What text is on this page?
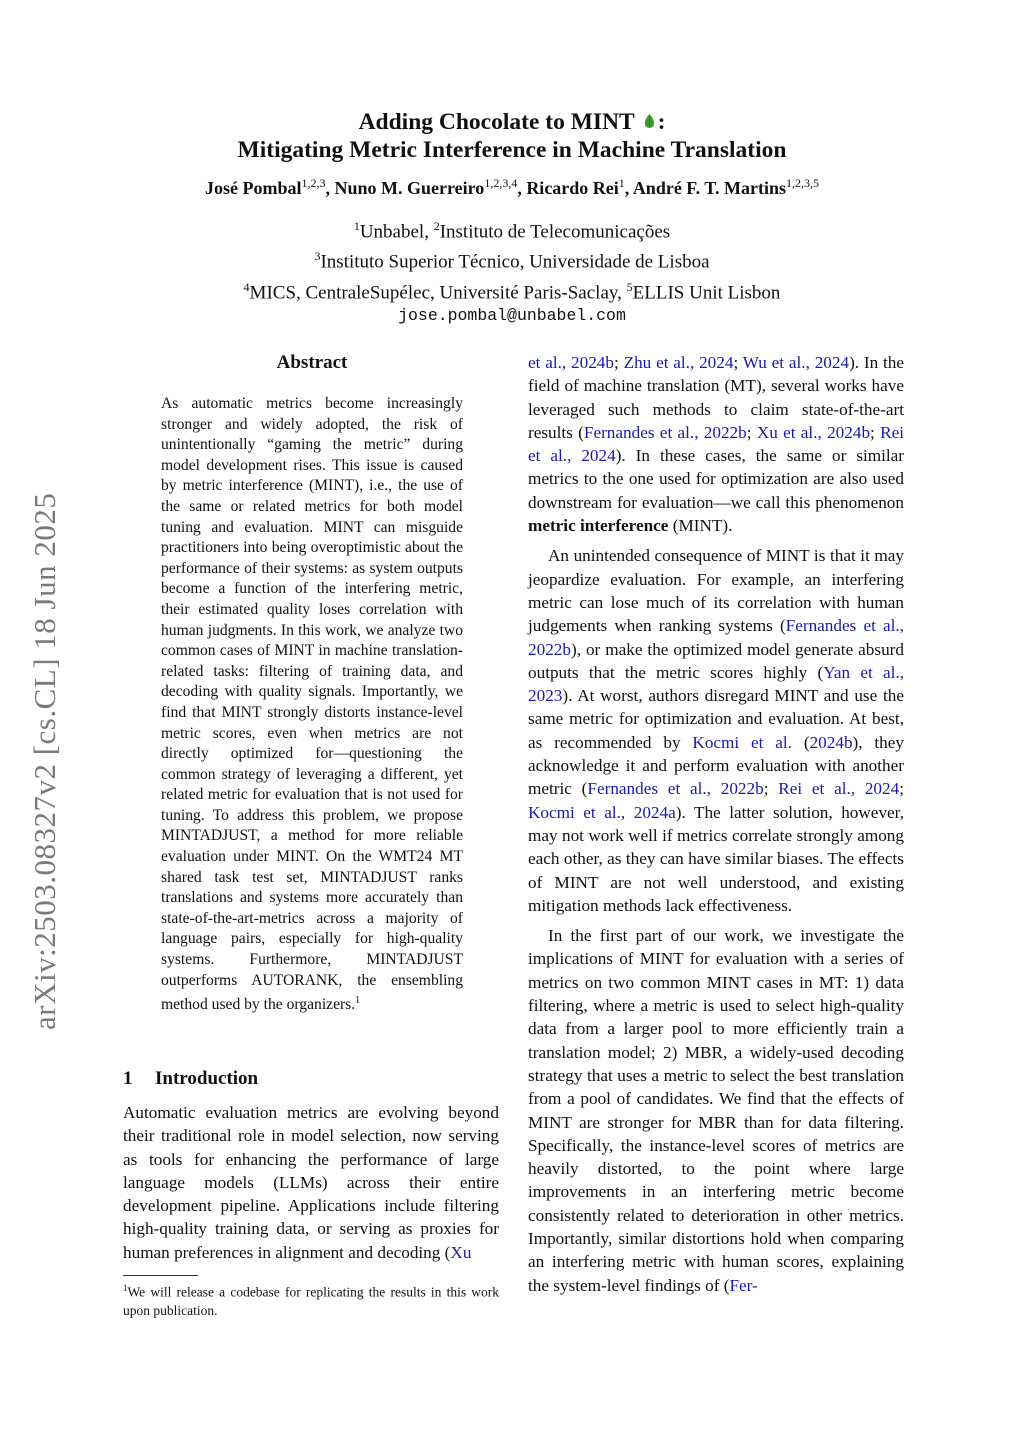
arXiv:2503.08327v2 [cs.CL] 18 Jun 2025
Adding Chocolate to MINT :
Mitigating Metric Interference in Machine Translation
José Pombal$^{1,2,3}$, Nuno M. Guerreiro$^{1,2,3,4}$, Ricardo Rei$^1$, André F. T. Martins$^{1,2,3,5}$
$^1$Unbabel, $^2$Instituto de Telecomunicações
$^3$Instituto Superior Técnico, Universidade de Lisboa
$^4$MICS, CentraleSupélec, Université Paris-Saclay, $^5$ELLIS Unit Lisbon
jose.pombal@unbabel.com
Abstract

As automatic metrics become increasingly stronger and widely adopted, the risk of unintentionally “gaming the metric” during model development rises. This issue is caused by metric interference (MINT), i.e., the use of the same or related metrics for both model tuning and evaluation. MINT can misguide practitioners into being overoptimistic about the performance of their systems: as system outputs become a function of the interfering metric, their estimated quality loses correlation with human judgments. In this work, we analyze two common cases of MINT in machine translation-related tasks: filtering of training data, and decoding with quality signals. Importantly, we find that MINT strongly distorts instance-level metric scores, even when metrics are not directly optimized for—questioning the common strategy of leveraging a different, yet related metric for evaluation that is not used for tuning. To address this problem, we propose MINTADJUST, a method for more reliable evaluation under MINT. On the WMT24 MT shared task test set, MINTADJUST ranks translations and systems more accurately than state-of-the-art-metrics across a majority of language pairs, especially for high-quality systems. Furthermore, MINTADJUST outperforms AUTORANK, the ensembling method used by the organizers.$^1$

1 Introduction

Automatic evaluation metrics are evolving beyond their traditional role in model selection, now serving as tools for enhancing the performance of large language models (LLMs) across their entire development pipeline. Applications include filtering high-quality training data, or serving as proxies for human preferences in alignment and decoding (Xu

$^1$We will release a codebase for replicating the results in this work upon publication.

et al., 2024b; Zhu et al., 2024; Wu et al., 2024). In the field of machine translation (MT), several works have leveraged such methods to claim state-of-the-art results (Fernandes et al., 2022b; Xu et al., 2024b; Rei et al., 2024). In these cases, the same or similar metrics to the one used for optimization are also used downstream for evaluation—we call this phenomenon metric interference (MINT).

An unintended consequence of MINT is that it may jeopardize evaluation. For example, an interfering metric can lose much of its correlation with human judgements when ranking systems (Fernandes et al., 2022b), or make the optimized model generate absurd outputs that the metric scores highly (Yan et al., 2023). At worst, authors disregard MINT and use the same metric for optimization and evaluation. At best, as recommended by Kocmi et al. (2024b), they acknowledge it and perform evaluation with another metric (Fernandes et al., 2022b; Rei et al., 2024; Kocmi et al., 2024a). The latter solution, however, may not work well if metrics correlate strongly among each other, as they can have similar biases. The effects of MINT are not well understood, and existing mitigation methods lack effectiveness.

In the first part of our work, we investigate the implications of MINT for evaluation with a series of metrics on two common MINT cases in MT: 1) data filtering, where a metric is used to select high-quality data from a larger pool to more efficiently train a translation model; 2) MBR, a widely-used decoding strategy that uses a metric to select the best translation from a pool of candidates. We find that the effects of MINT are stronger for MBR than for data filtering. Specifically, the instance-level scores of metrics are heavily distorted, to the point where large improvements in an interfering metric become consistently related to deterioration in other metrics. Importantly, similar distortions hold when comparing an interfering metric with human scores, explaining the system-level findings of (Fer-
